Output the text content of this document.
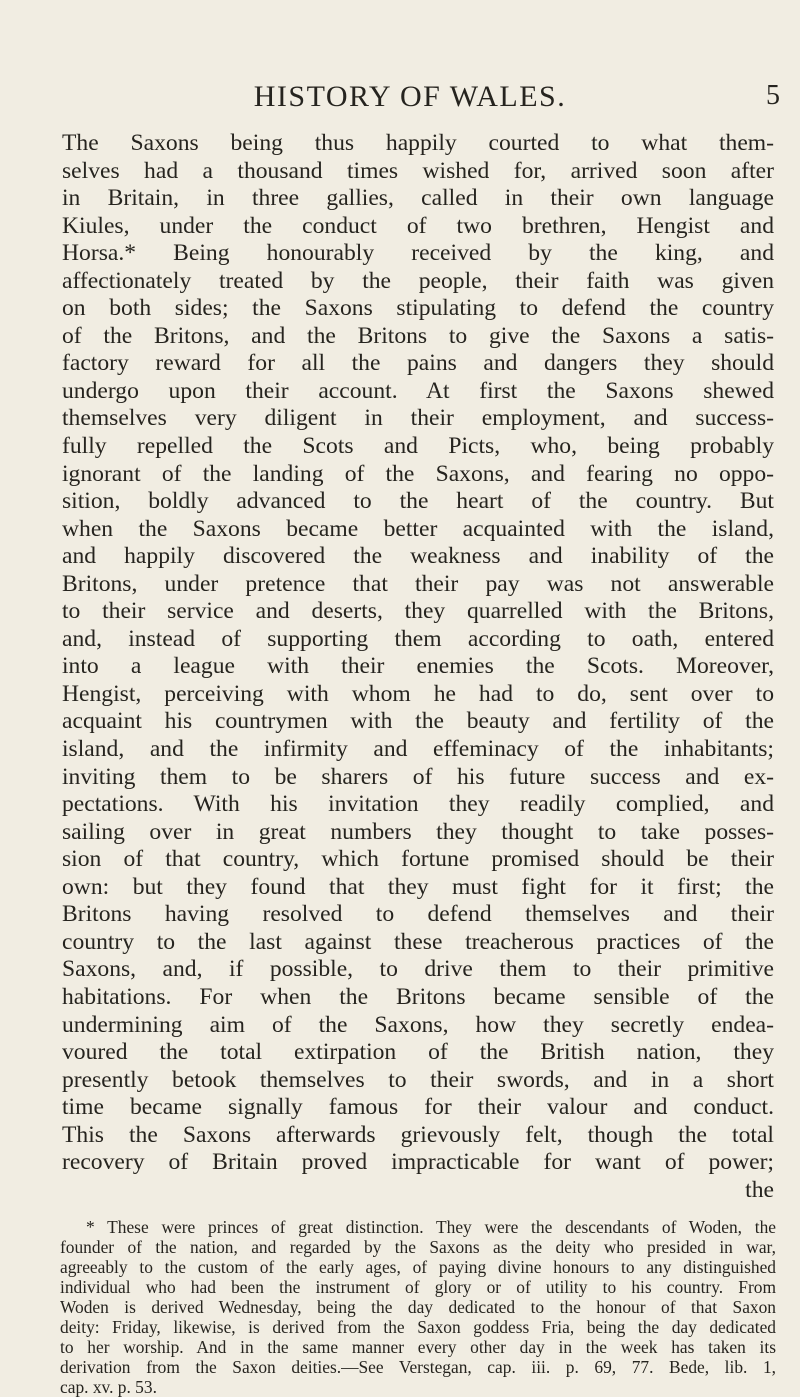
HISTORY OF WALES.	5
The Saxons being thus happily courted to what them-
selves had a thousand times wished for, arrived soon after
in Britain, in three gallies, called in their own language
Kiules, under the conduct of two brethren, Hengist and
Horsa.* Being honourably received by the king, and
affectionately treated by the people, their faith was given
on both sides; the Saxons stipulating to defend the country
of the Britons, and the Britons to give the Saxons a satis-
factory reward for all the pains and dangers they should
undergo upon their account. At first the Saxons shewed
themselves very diligent in their employment, and success-
fully repelled the Scots and Picts, who, being probably
ignorant of the landing of the Saxons, and fearing no oppo-
sition, boldly advanced to the heart of the country. But
when the Saxons became better acquainted with the island,
and happily discovered the weakness and inability of the
Britons, under pretence that their pay was not answerable
to their service and deserts, they quarrelled with the Britons,
and, instead of supporting them according to oath, entered
into a league with their enemies the Scots. Moreover,
Hengist, perceiving with whom he had to do, sent over to
acquaint his countrymen with the beauty and fertility of the
island, and the infirmity and effeminacy of the inhabitants;
inviting them to be sharers of his future success and ex-
pectations. With his invitation they readily complied, and
sailing over in great numbers they thought to take posses-
sion of that country, which fortune promised should be their
own: but they found that they must fight for it first; the
Britons having resolved to defend themselves and their
country to the last against these treacherous practices of the
Saxons, and, if possible, to drive them to their primitive
habitations. For when the Britons became sensible of the
undermining aim of the Saxons, how they secretly endea-
voured the total extirpation of the British nation, they
presently betook themselves to their swords, and in a short
time became signally famous for their valour and conduct.
This the Saxons afterwards grievously felt, though the total
recovery of Britain proved impracticable for want of power;
the
* These were princes of great distinction. They were the descendants of Woden, the
founder of the nation, and regarded by the Saxons as the deity who presided in war,
agreeably to the custom of the early ages, of paying divine honours to any distinguished
individual who had been the instrument of glory or of utility to his country. From
Woden is derived Wednesday, being the day dedicated to the honour of that Saxon
deity: Friday, likewise, is derived from the Saxon goddess Fria, being the day dedicated
to her worship. And in the same manner every other day in the week has taken its
derivation from the Saxon deities.—See Verstegan, cap. iii. p. 69, 77. Bede, lib. 1,
cap. xv. p. 53.
